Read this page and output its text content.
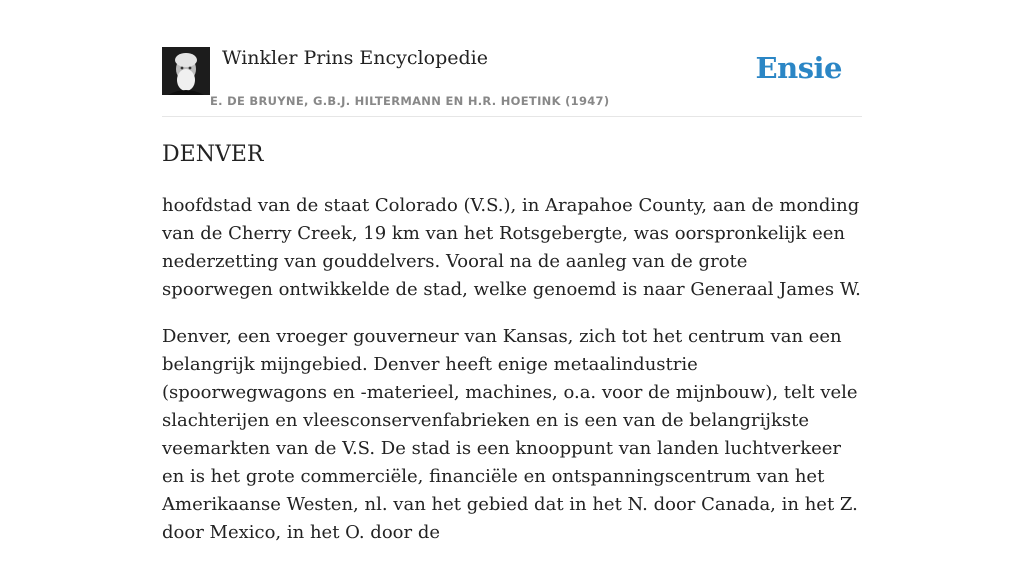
Winkler Prins Encyclopedie
E. DE BRUYNE, G.B.J. HILTERMANN EN H.R. HOETINK (1947)
Ensie
DENVER

hoofdstad van de staat Colorado (V.S.), in Arapahoe County, aan de monding van de Cherry Creek, 19 km van het Rotsgebergte, was oorspronkelijk een nederzetting van gouddelvers. Vooral na de aanleg van de grote spoorwegen ontwikkelde de stad, welke genoemd is naar Generaal James W.

Denver, een vroeger gouverneur van Kansas, zich tot het centrum van een belangrijk mijngebied. Denver heeft enige metaalindustrie (spoorwegwagons en -materieel, machines, o.a. voor de mijnbouw), telt vele slachterijen en vleesconservenfabrieken en is een van de belangrijkste veemarkten van de V.S. De stad is een knooppunt van landen luchtverkeer en is het grote commerciële, financiële en ontspanningscentrum van het Amerikaanse Westen, nl. van het gebied dat in het N. door Canada, in het Z. door Mexico, in het O. door de
